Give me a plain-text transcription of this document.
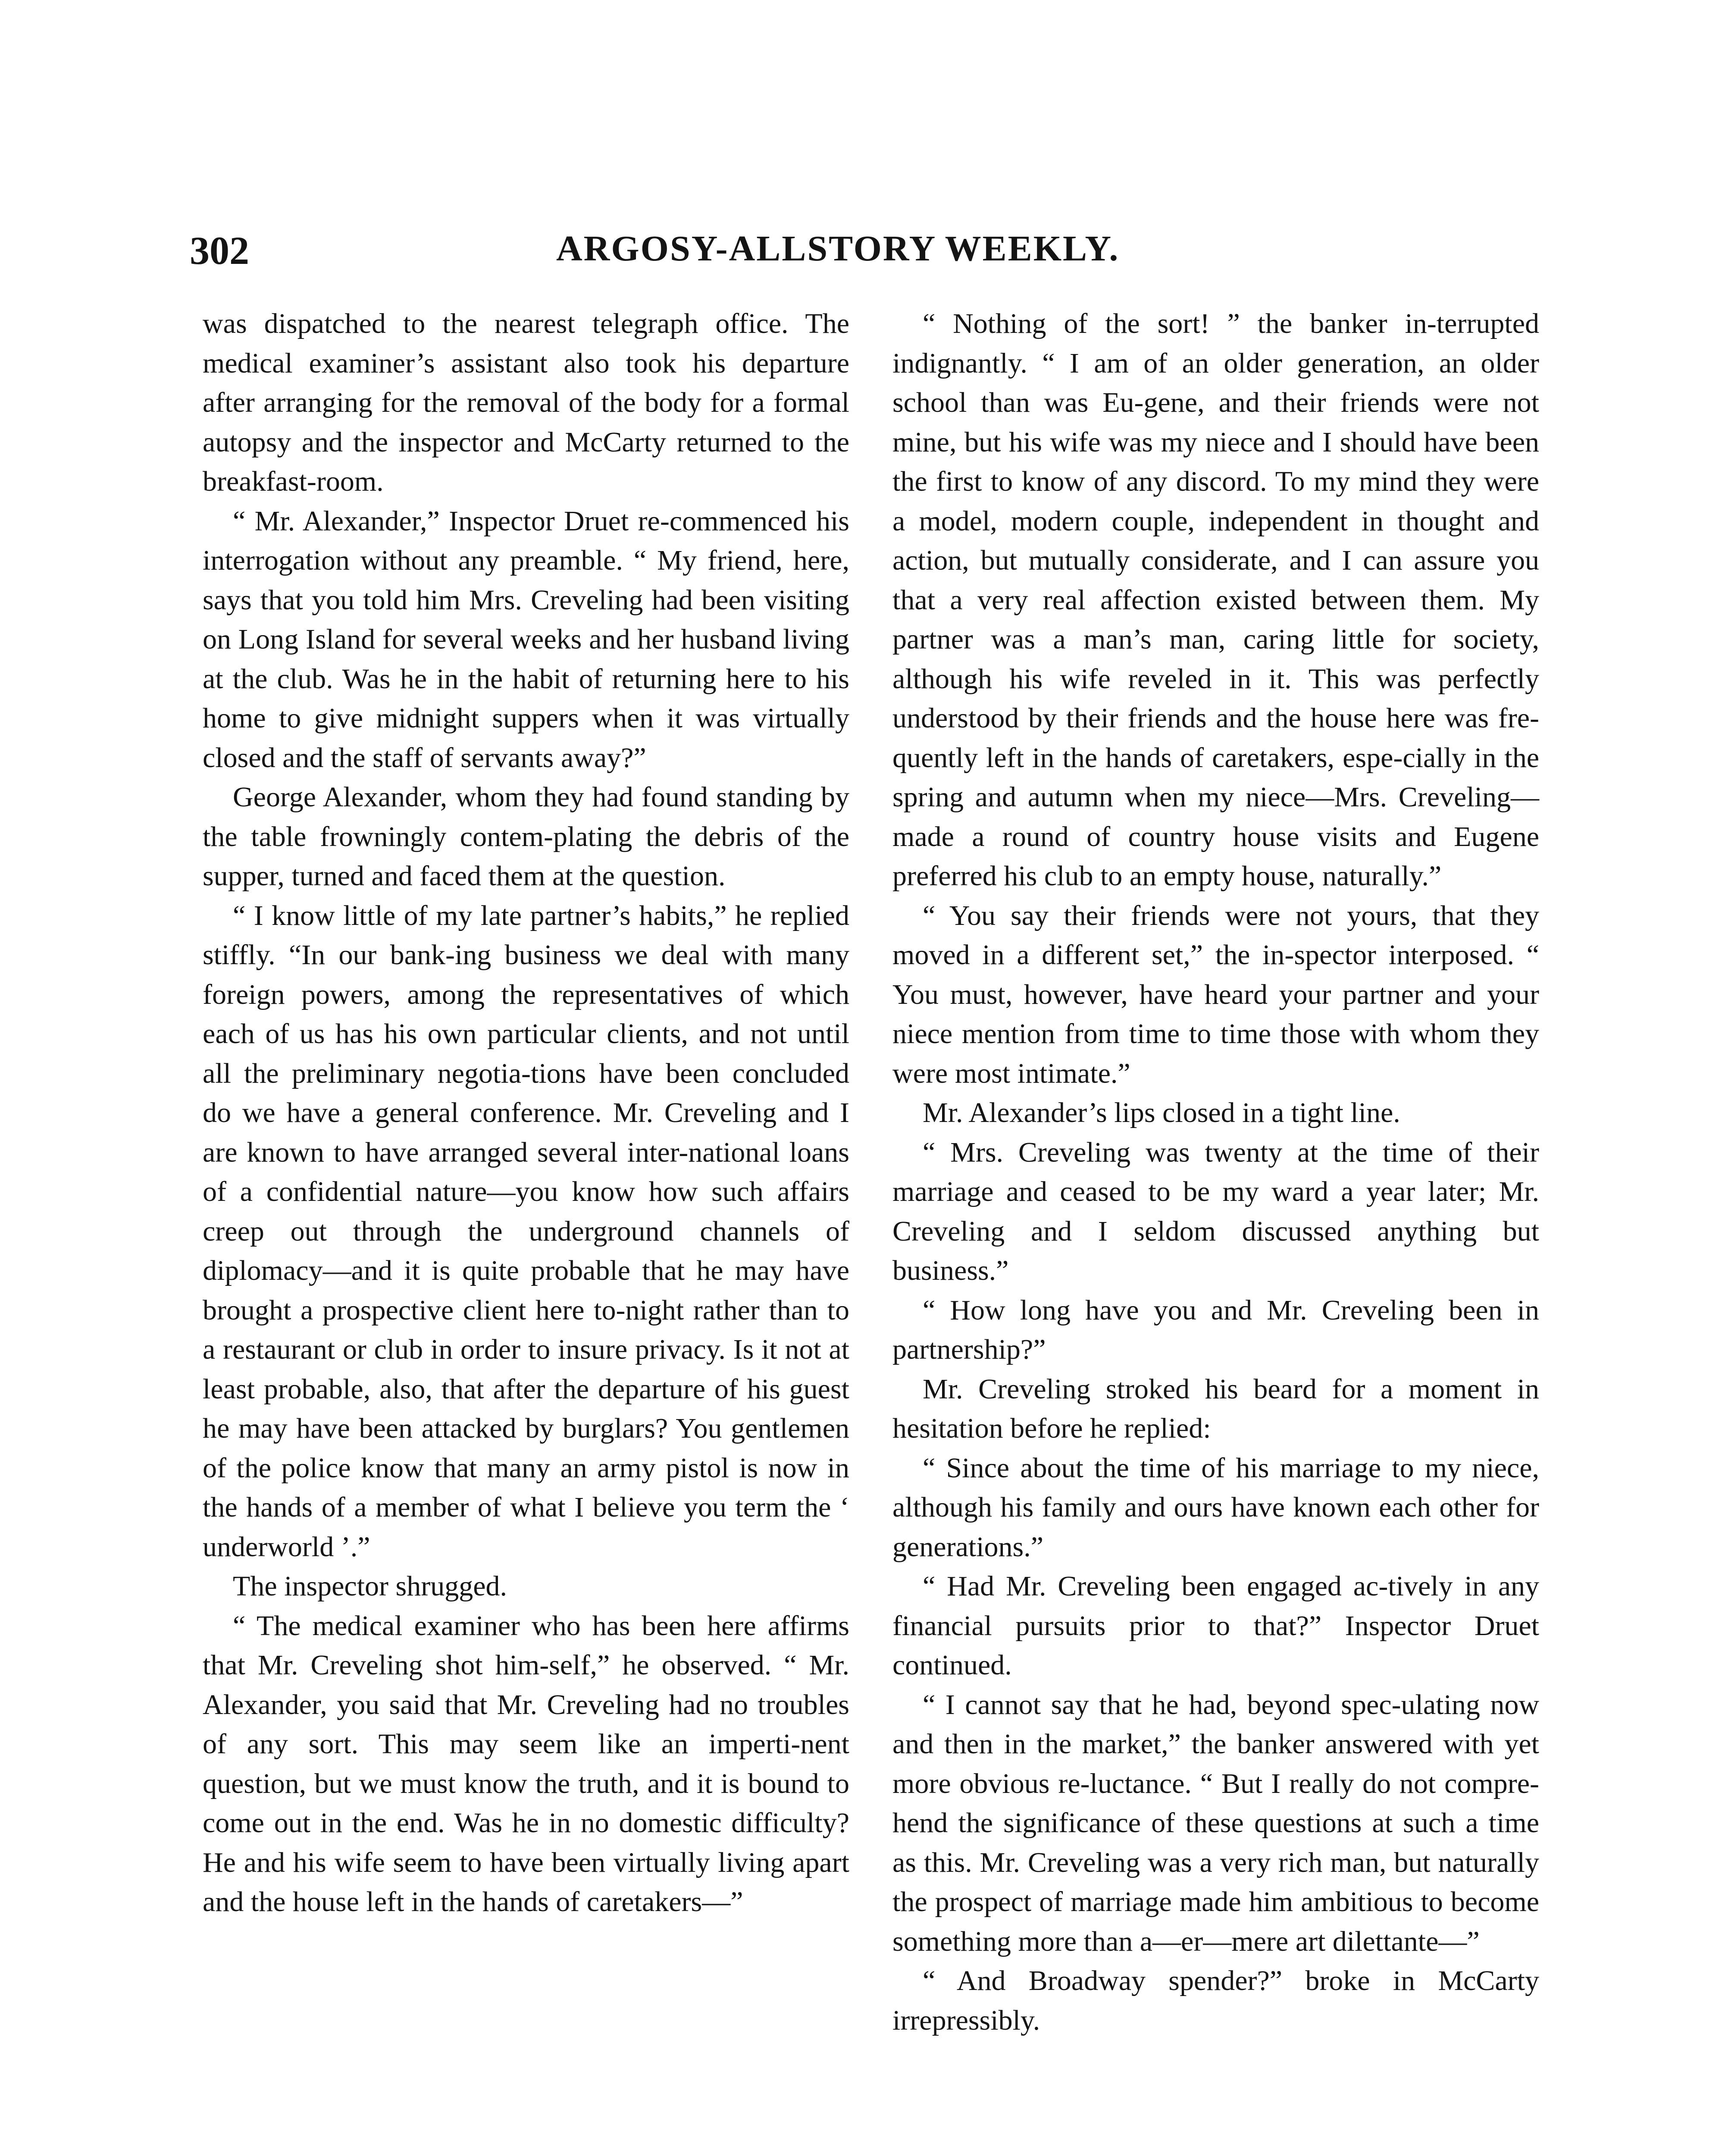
302	ARGOSY-ALLSTORY WEEKLY.

was dispatched to the nearest telegraph office. The medical examiner’s assistant also took his departure after arranging for the removal of the body for a formal autopsy and the inspector and McCarty returned to the breakfast-room.

“ Mr. Alexander,” Inspector Druet re-commenced his interrogation without any preamble. “ My friend, here, says that you told him Mrs. Creveling had been visiting on Long Island for several weeks and her husband living at the club. Was he in the habit of returning here to his home to give midnight suppers when it was virtually closed and the staff of servants away?”

George Alexander, whom they had found standing by the table frowningly contem-plating the debris of the supper, turned and faced them at the question.

“ I know little of my late partner’s habits,” he replied stiffly. “In our bank-ing business we deal with many foreign powers, among the representatives of which each of us has his own particular clients, and not until all the preliminary negotia-tions have been concluded do we have a general conference. Mr. Creveling and I are known to have arranged several inter-national loans of a confidential nature—you know how such affairs creep out through the underground channels of diplomacy—and it is quite probable that he may have brought a prospective client here to-night rather than to a restaurant or club in order to insure privacy. Is it not at least probable, also, that after the departure of his guest he may have been attacked by burglars? You gentlemen of the police know that many an army pistol is now in the hands of a member of what I believe you term the ‘ underworld ’.”

The inspector shrugged.

“ The medical examiner who has been here affirms that Mr. Creveling shot him-self,” he observed. “ Mr. Alexander, you said that Mr. Creveling had no troubles of any sort. This may seem like an imperti-nent question, but we must know the truth, and it is bound to come out in the end. Was he in no domestic difficulty? He and his wife seem to have been virtually living apart and the house left in the hands of caretakers—”

“ Nothing of the sort! ” the banker in-terrupted indignantly. “ I am of an older generation, an older school than was Eu-gene, and their friends were not mine, but his wife was my niece and I should have been the first to know of any discord. To my mind they were a model, modern couple, independent in thought and action, but mutually considerate, and I can assure you that a very real affection existed between them. My partner was a man’s man, caring little for society, although his wife reveled in it. This was perfectly understood by their friends and the house here was fre-quently left in the hands of caretakers, espe-cially in the spring and autumn when my niece—Mrs. Creveling—made a round of country house visits and Eugene preferred his club to an empty house, naturally.”

“ You say their friends were not yours, that they moved in a different set,” the in-spector interposed. “ You must, however, have heard your partner and your niece mention from time to time those with whom they were most intimate.”

Mr. Alexander’s lips closed in a tight line.

“ Mrs. Creveling was twenty at the time of their marriage and ceased to be my ward a year later; Mr. Creveling and I seldom discussed anything but business.”

“ How long have you and Mr. Creveling been in partnership?”

Mr. Creveling stroked his beard for a moment in hesitation before he replied:

“ Since about the time of his marriage to my niece, although his family and ours have known each other for generations.”

“ Had Mr. Creveling been engaged ac-tively in any financial pursuits prior to that?” Inspector Druet continued.

“ I cannot say that he had, beyond spec-ulating now and then in the market,” the banker answered with yet more obvious re-luctance. “ But I really do not compre-hend the significance of these questions at such a time as this. Mr. Creveling was a very rich man, but naturally the prospect of marriage made him ambitious to become something more than a—er—mere art dilettante—”

“ And Broadway spender?” broke in McCarty irrepressibly.
